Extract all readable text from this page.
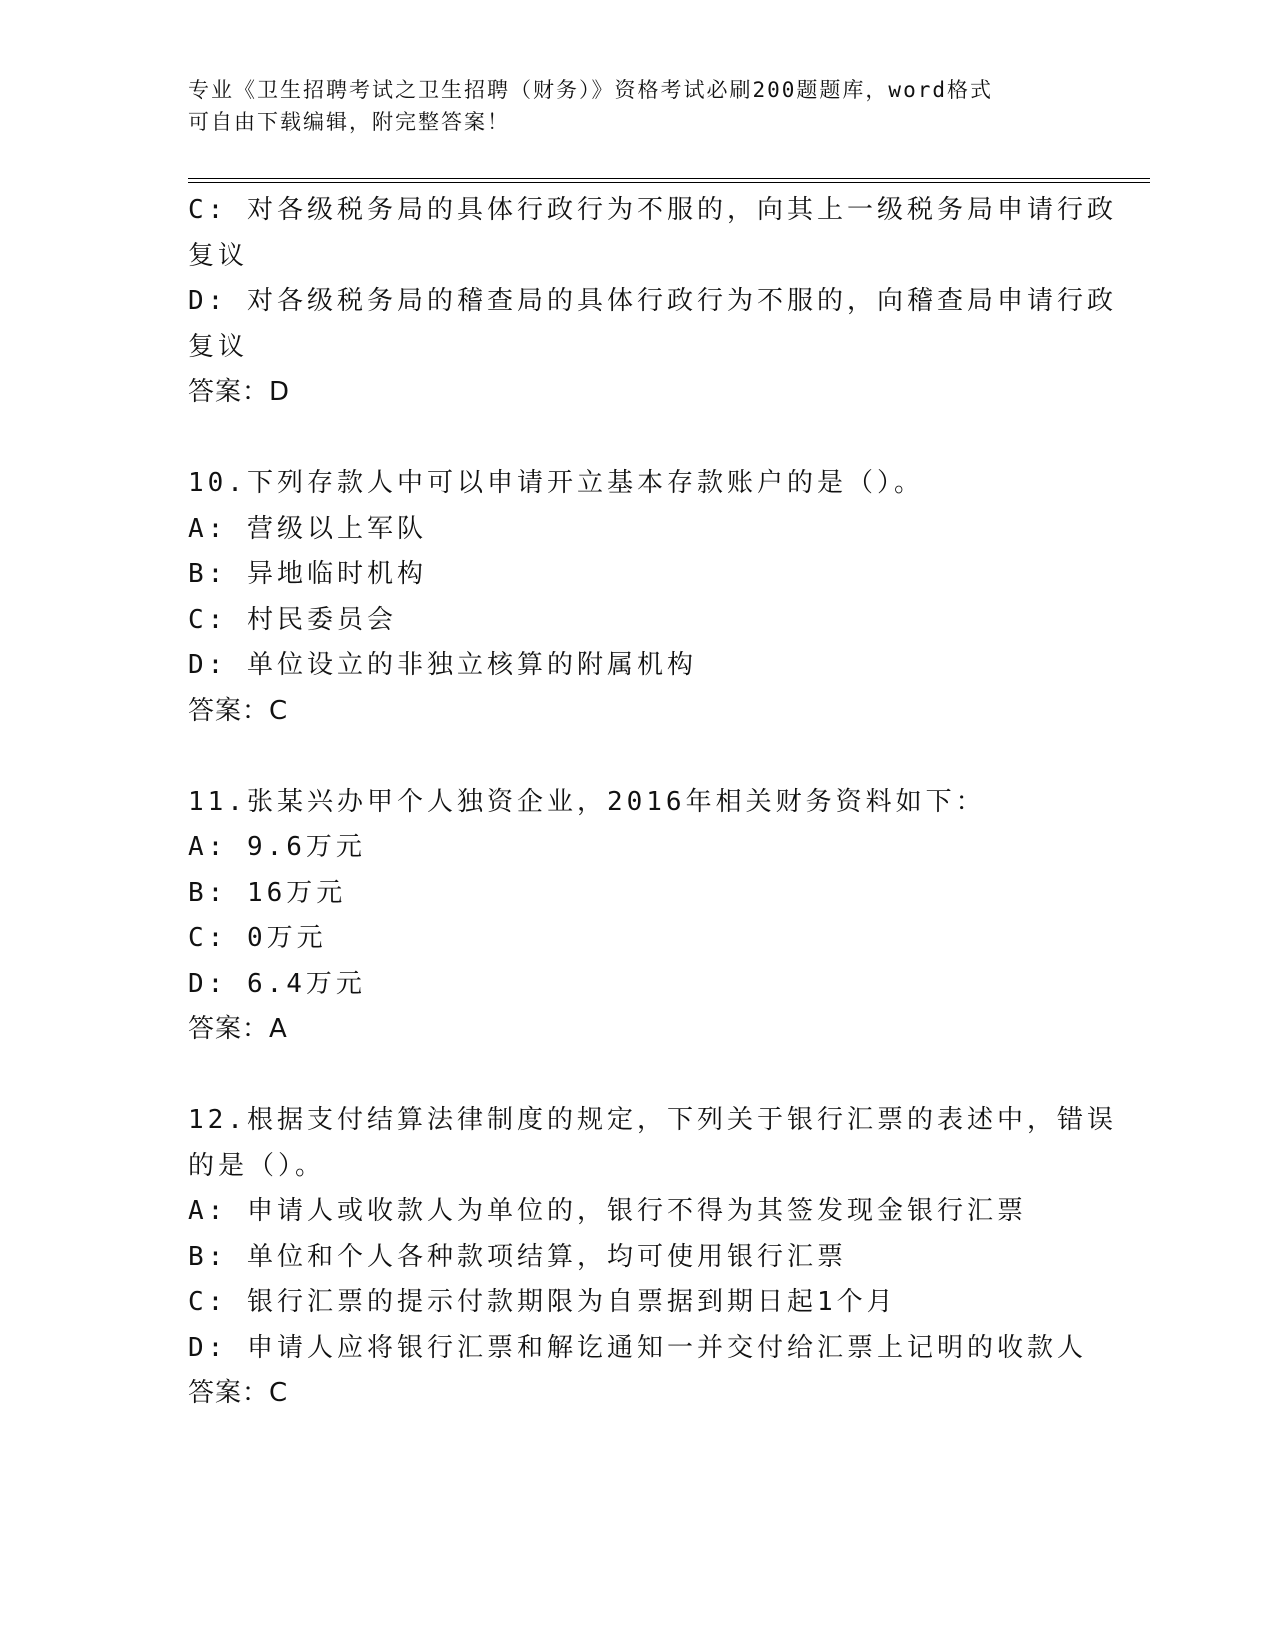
专业《卫生招聘考试之卫生招聘（财务）》资格考试必刷200题题库，word格式
可自由下载编辑，附完整答案！
C: 对各级税务局的具体行政行为不服的，向其上一级税务局申请行政
复议
D: 对各级税务局的稽查局的具体行政行为不服的，向稽查局申请行政
复议
答案：D
10.下列存款人中可以申请开立基本存款账户的是（）。
A: 营级以上军队
B: 异地临时机构
C: 村民委员会
D: 单位设立的非独立核算的附属机构
答案：C
11.张某兴办甲个人独资企业，2016年相关财务资料如下：
A: 9.6万元
B: 16万元
C: 0万元
D: 6.4万元
答案：A
12.根据支付结算法律制度的规定，下列关于银行汇票的表述中，错误
的是（）。
A: 申请人或收款人为单位的，银行不得为其签发现金银行汇票
B: 单位和个人各种款项结算，均可使用银行汇票
C: 银行汇票的提示付款期限为自票据到期日起1个月
D: 申请人应将银行汇票和解讫通知一并交付给汇票上记明的收款人
答案：C
